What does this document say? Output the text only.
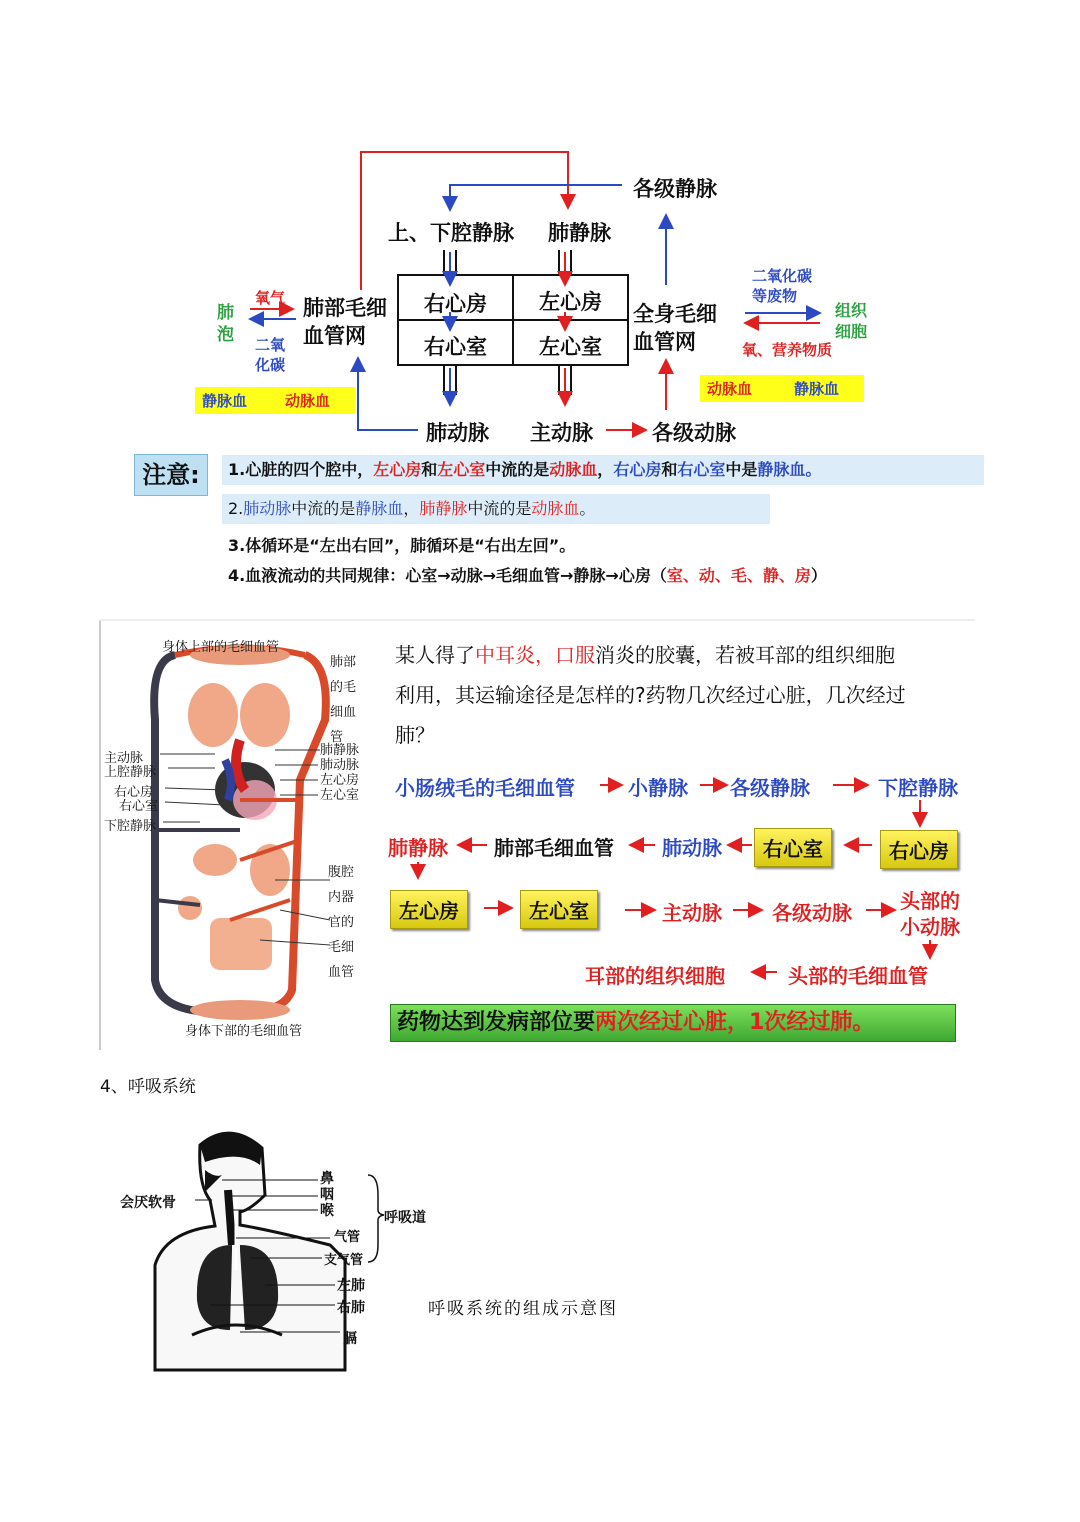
各级静脉
上、下腔静脉 肺静脉
右心房	左心房
右心室	左心室
肺部毛细
血管网
全身毛细
血管网
肺
泡
氧气
二氧
化碳
二氧化碳
等废物
组织
细胞
氧、营养物质
肺动脉 主动脉	各级动脉
静脉血	动脉血
动脉血	静脉血
注意:	1.心脏的四个腔中，左心房和左心室中流的是动脉血，右心房和右心室中是静脉血。
2.肺动脉中流的是静脉血，肺静脉中流的是动脉血。
3.体循环是“左出右回”，肺循环是“右出左回”。
4.血液流动的共同规律：心室→动脉→毛细血管→静脉→心房（室、动、毛、静、房）
身体上部的毛细血管
身体下部的毛细血管
肺部
的毛
细血
管
肺静脉
肺动脉
左心房
左心室
主动脉
上腔静脉
右心房
右心室
下腔静脉
腹腔
内器
官的
毛细
血管
某人得了中耳炎，口服消炎的胶囊，若被耳部的组织细胞
利用，其运输途径是怎样的?药物几次经过心脏，几次经过
肺？
小肠绒毛的毛细血管	小静脉 各级静脉	下腔静脉
肺静脉 肺部毛细血管 肺动脉	右心室	右心房
左心房	左心室	主动脉	各级动脉 头部的
小动脉
耳部的组织细胞	头部的毛细血管
药物达到发病部位要两次经过心脏，1次经过肺。
4、呼吸系统
会厌软骨
鼻
咽
喉
气管
支气管
左肺
右肺
膈
呼吸道
呼吸系统的组成示意图
